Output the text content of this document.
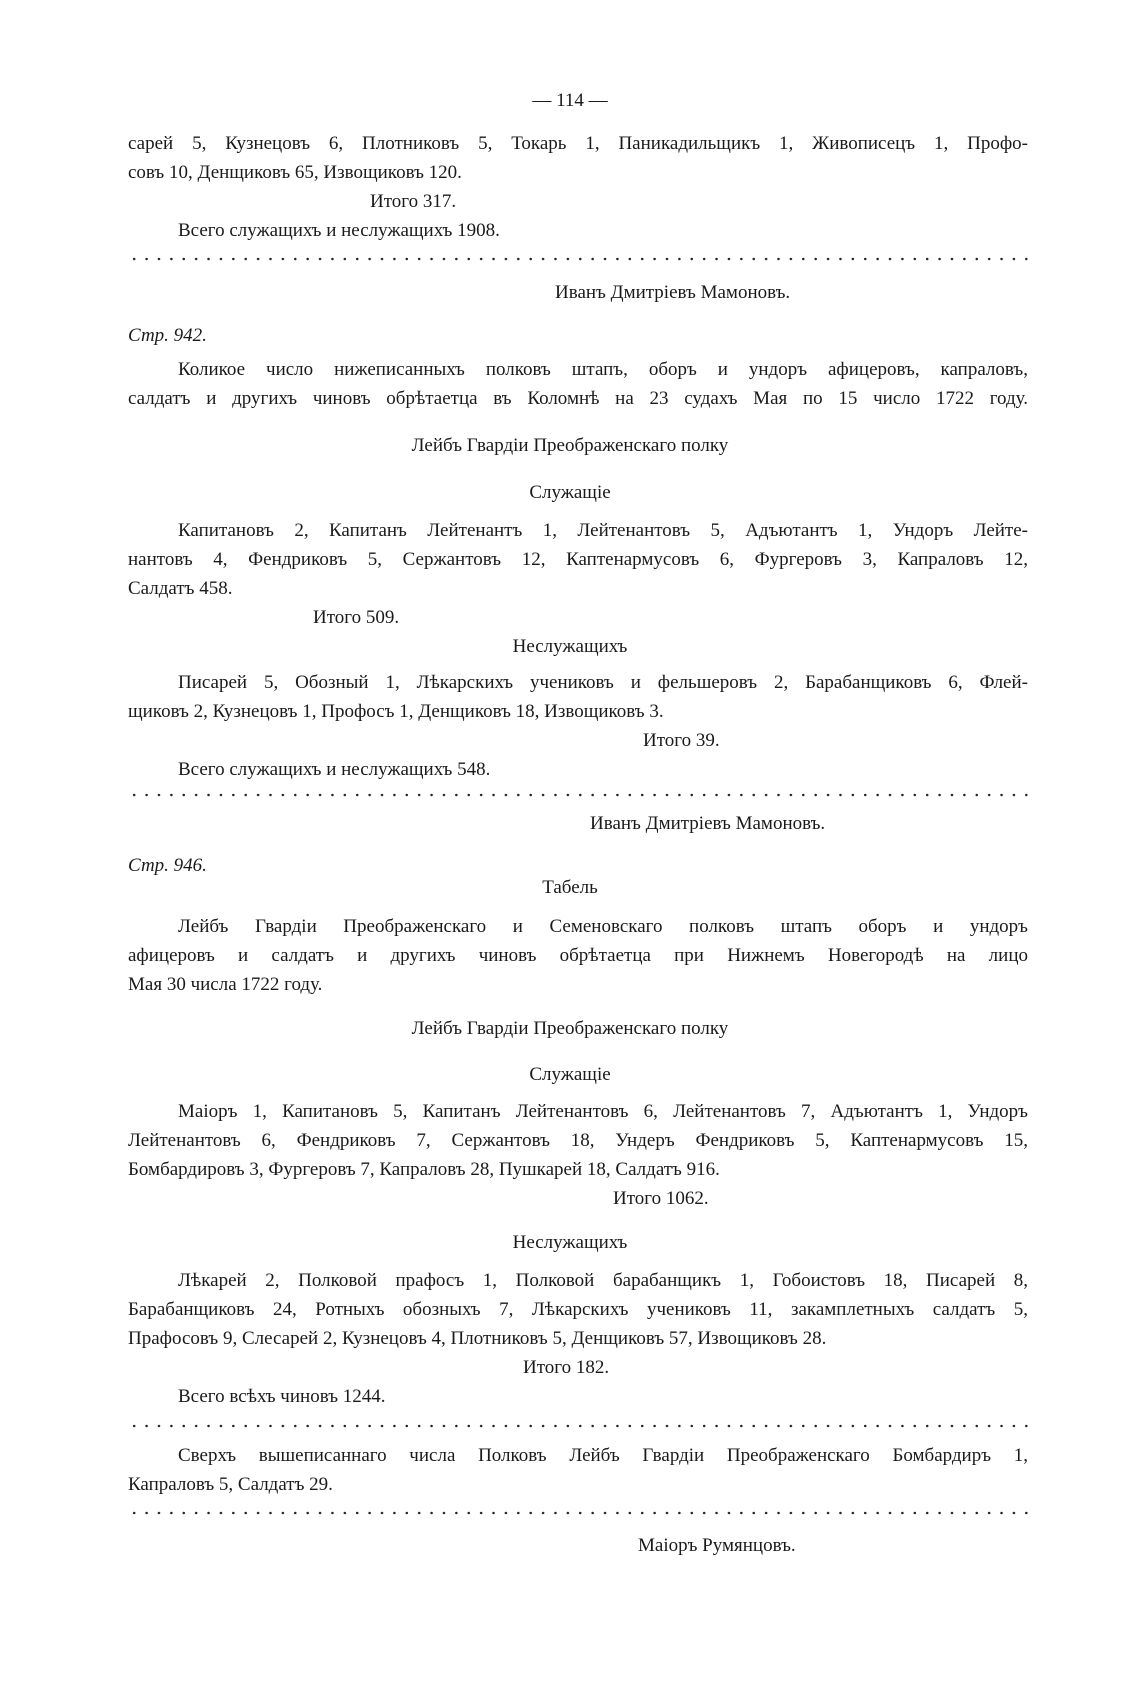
— 114 —
сарей 5, Кузнецовъ 6, Плотниковъ 5, Токарь 1, Паникадильщикъ 1, Живописецъ 1, Профо-
совъ 10, Денщиковъ 65, Извощиковъ 120.
Итого 317.
Всего служащихъ и неслужащихъ 1908.
Иванъ Дмитріевъ Мамоновъ.
Стр. 942.
Коликое число нижеписанныхъ полковъ штапъ, оборъ и ундоръ афицеровъ, капраловъ,
салдатъ и другихъ чиновъ обрѣтаетца въ Коломнѣ на 23 судахъ Мая по 15 число 1722 году.
Лейбъ Гвардіи Преображенскаго полку
Служащіе
Капитановъ 2, Капитанъ Лейтенантъ 1, Лейтенантовъ 5, Адъютантъ 1, Ундоръ Лейте-
нантовъ 4, Фендриковъ 5, Сержантовъ 12, Каптенармусовъ 6, Фургеровъ 3, Капраловъ 12,
Салдатъ 458.
Итого 509.
Неслужащихъ
Писарей 5, Обозный 1, Лѣкарскихъ учениковъ и фельшеровъ 2, Барабанщиковъ 6, Флей-
щиковъ 2, Кузнецовъ 1, Профосъ 1, Денщиковъ 18, Извощиковъ 3.
Итого 39.
Всего служащихъ и неслужащихъ 548.
Иванъ Дмитріевъ Мамоновъ.
Стр. 946.
Табель
Лейбъ Гвардіи Преображенскаго и Семеновскаго полковъ штапъ оборъ и ундоръ
афицеровъ и салдатъ и другихъ чиновъ обрѣтаетца при Нижнемъ Новегородѣ на лицо
Мая 30 числа 1722 году.
Лейбъ Гвардіи Преображенскаго полку
Служащіе
Маіоръ 1, Капитановъ 5, Капитанъ Лейтенантовъ 6, Лейтенантовъ 7, Адъютантъ 1, Ундоръ
Лейтенантовъ 6, Фендриковъ 7, Сержантовъ 18, Ундеръ Фендриковъ 5, Каптенармусовъ 15,
Бомбардировъ 3, Фургеровъ 7, Капраловъ 28, Пушкарей 18, Салдатъ 916.
Итого 1062.
Неслужащихъ
Лѣкарей 2, Полковой прафосъ 1, Полковой барабанщикъ 1, Гобоистовъ 18, Писарей 8,
Барабанщиковъ 24, Ротныхъ обозныхъ 7, Лѣкарскихъ учениковъ 11, закамплетныхъ салдатъ 5,
Прафосовъ 9, Слесарей 2, Кузнецовъ 4, Плотниковъ 5, Денщиковъ 57, Извощиковъ 28.
Итого 182.
Всего всѣхъ чиновъ 1244.
Сверхъ вышеписаннаго числа Полковъ Лейбъ Гвардіи Преображенскаго Бомбардиръ 1,
Капраловъ 5, Салдатъ 29.
Маіоръ Румянцовъ.
